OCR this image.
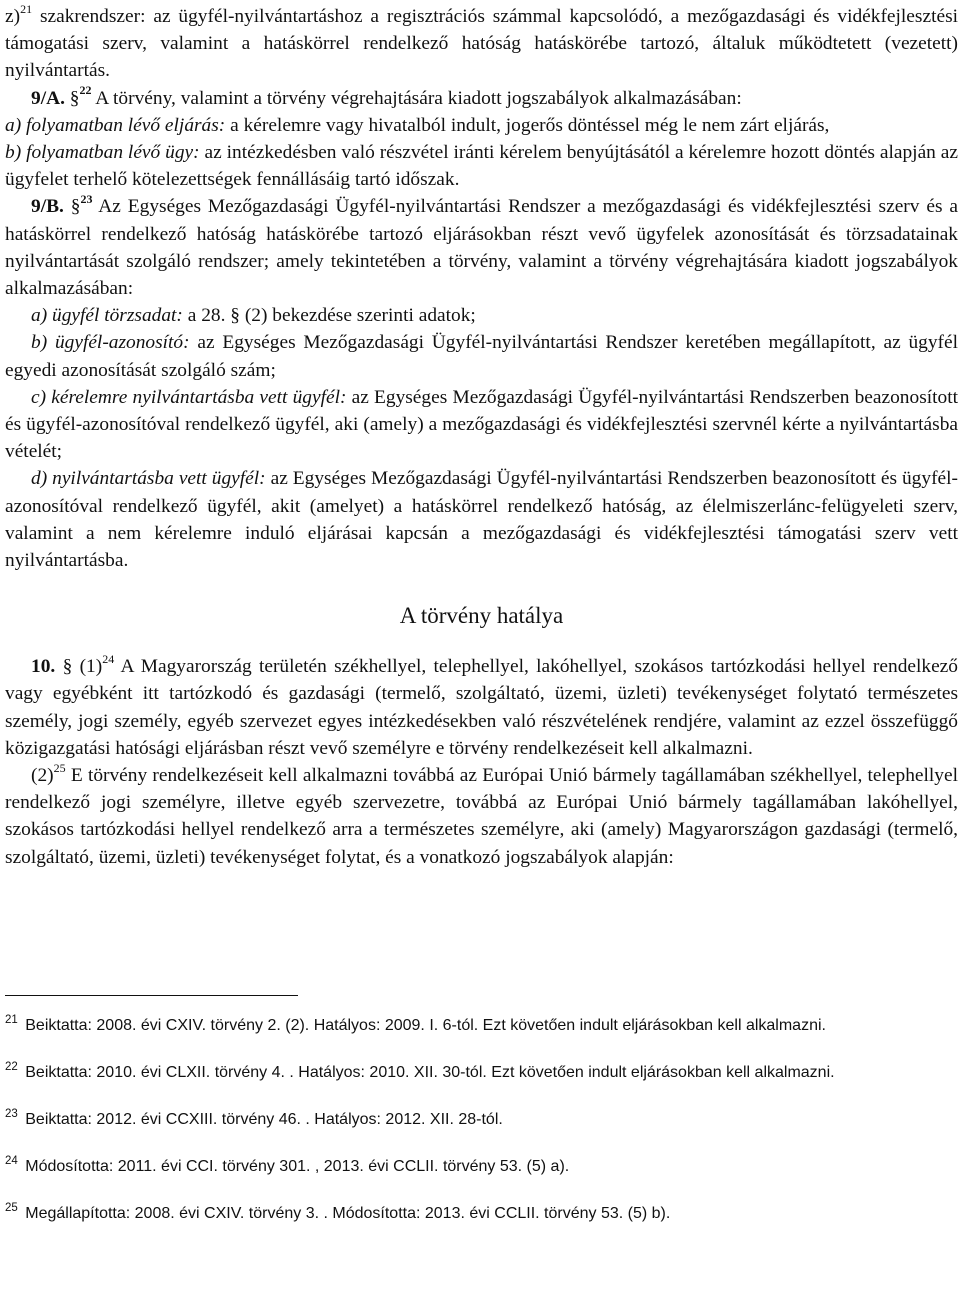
z)$^{21}$ szakrendszer: az ügyfél-nyilvántartáshoz a regisztrációs számmal kapcsolódó, a mezőgazdasági és vidékfejlesztési támogatási szerv, valamint a hatáskörrel rendelkező hatóság hatáskörébe tartozó, általuk működtetett (vezetett) nyilvántartás.

9/A. §$^{22}$ A törvény, valamint a törvény végrehajtására kiadott jogszabályok alkalmazásában:

a) folyamatban lévő eljárás: a kérelemre vagy hivatalból indult, jogerős döntéssel még le nem zárt eljárás,

b) folyamatban lévő ügy: az intézkedésben való részvétel iránti kérelem benyújtásától a kérelemre hozott döntés alapján az ügyfelet terhelő kötelezettségek fennállásáig tartó időszak.

9/B. §$^{23}$ Az Egységes Mezőgazdasági Ügyfél-nyilvántartási Rendszer a mezőgazdasági és vidékfejlesztési szerv és a hatáskörrel rendelkező hatóság hatáskörébe tartozó eljárásokban részt vevő ügyfelek azonosítását és törzsadatainak nyilvántartását szolgáló rendszer; amely tekintetében a törvény, valamint a törvény végrehajtására kiadott jogszabályok alkalmazásában:

a) ügyfél törzsadat: a 28. § (2) bekezdése szerinti adatok;

b) ügyfél-azonosító: az Egységes Mezőgazdasági Ügyfél-nyilvántartási Rendszer keretében megállapított, az ügyfél egyedi azonosítását szolgáló szám;

c) kérelemre nyilvántartásba vett ügyfél: az Egységes Mezőgazdasági Ügyfél-nyilvántartási Rendszerben beazonosított és ügyfél-azonosítóval rendelkező ügyfél, aki (amely) a mezőgazdasági és vidékfejlesztési szervnél kérte a nyilvántartásba vételét;

d) nyilvántartásba vett ügyfél: az Egységes Mezőgazdasági Ügyfél-nyilvántartási Rendszerben beazonosított és ügyfél-azonosítóval rendelkező ügyfél, akit (amelyet) a hatáskörrel rendelkező hatóság, az élelmiszerlánc-felügyeleti szerv, valamint a nem kérelemre induló eljárásai kapcsán a mezőgazdasági és vidékfejlesztési támogatási szerv vett nyilvántartásba.

A törvény hatálya

10. § $(1)^{24}$ A Magyarország területén székhellyel, telephellyel, lakóhellyel, szokásos tartózkodási hellyel rendelkező vagy egyébként itt tartózkodó és gazdasági (termelő, szolgáltató, üzemi, üzleti) tevékenységet folytató természetes személy, jogi személy, egyéb szervezet egyes intézkedésekben való részvételének rendjére, valamint az ezzel összefüggő közigazgatási hatósági eljárásban részt vevő személyre e törvény rendelkezéseit kell alkalmazni.

$(2)^{25}$ E törvény rendelkezéseit kell alkalmazni továbbá az Európai Unió bármely tagállamában székhellyel, telephellyel rendelkező jogi személyre, illetve egyéb szervezetre, továbbá az Európai Unió bármely tagállamában lakóhellyel, szokásos tartózkodási hellyel rendelkező arra a természetes személyre, aki (amely) Magyarországon gazdasági (termelő, szolgáltató, üzemi, üzleti) tevékenységet folytat, és a vonatkozó jogszabályok alapján:

$^{21}$ Beiktatta: 2008. évi CXIV. törvény 2. (2). Hatályos: 2009. I. 6-tól. Ezt követően indult eljárásokban kell alkalmazni.

$^{22}$ Beiktatta: 2010. évi CLXII. törvény 4. . Hatályos: 2010. XII. 30-tól. Ezt követően indult eljárásokban kell alkalmazni.

$^{23}$ Beiktatta: 2012. évi CCXIII. törvény 46. . Hatályos: 2012. XII. 28-tól.

$^{24}$ Módosította: 2011. évi CCI. törvény 301. , 2013. évi CCLII. törvény 53. (5) a).

$^{25}$ Megállapította: 2008. évi CXIV. törvény 3. . Módosította: 2013. évi CCLII. törvény 53. (5) b).
